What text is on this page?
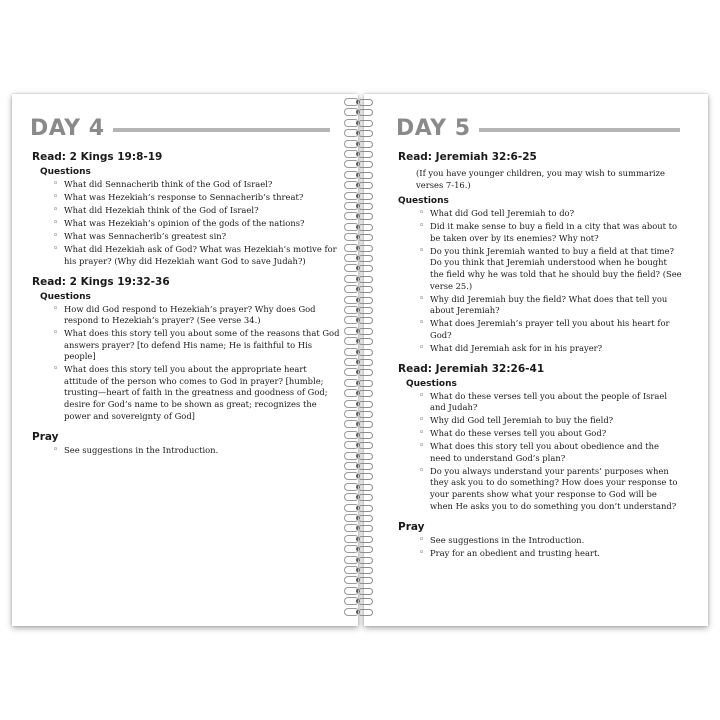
DAY 4
Read: 2 Kings 19:8-19
Questions
◦ What did Sennacherib think of the God of Israel?
◦ What was Hezekiah’s response to Sennacherib’s threat?
◦ What did Hezekiah think of the God of Israel?
◦ What was Hezekiah’s opinion of the gods of the nations?
◦ What was Sennacherib’s greatest sin?
◦ What did Hezekiah ask of God? What was Hezekiah’s motive for his prayer? (Why did Hezekiah want God to save Judah?)
Read: 2 Kings 19:32-36
Questions
◦ How did God respond to Hezekiah’s prayer? Why does God respond to Hezekiah’s prayer? (See verse 34.)
◦ What does this story tell you about some of the reasons that God answers prayer? [to defend His name; He is faithful to His people]
◦ What does this story tell you about the appropriate heart attitude of the person who comes to God in prayer? [humble; trusting—heart of faith in the greatness and goodness of God; desire for God’s name to be shown as great; recognizes the power and sovereignty of God]
Pray
◦ See suggestions in the Introduction.
DAY 5
Read: Jeremiah 32:6-25
(If you have younger children, you may wish to summarize verses 7-16.)
Questions
◦ What did God tell Jeremiah to do?
◦ Did it make sense to buy a field in a city that was about to be taken over by its enemies? Why not?
◦ Do you think Jeremiah wanted to buy a field at that time? Do you think that Jeremiah understood when he bought the field why he was told that he should buy the field? (See verse 25.)
◦ Why did Jeremiah buy the field? What does that tell you about Jeremiah?
◦ What does Jeremiah’s prayer tell you about his heart for God?
◦ What did Jeremiah ask for in his prayer?
Read: Jeremiah 32:26-41
Questions
◦ What do these verses tell you about the people of Israel and Judah?
◦ Why did God tell Jeremiah to buy the field?
◦ What do these verses tell you about God?
◦ What does this story tell you about obedience and the need to understand God’s plan?
◦ Do you always understand your parents’ purposes when they ask you to do something? How does your response to your parents show what your response to God will be when He asks you to do something you don’t understand?
Pray
◦ See suggestions in the Introduction.
◦ Pray for an obedient and trusting heart.
